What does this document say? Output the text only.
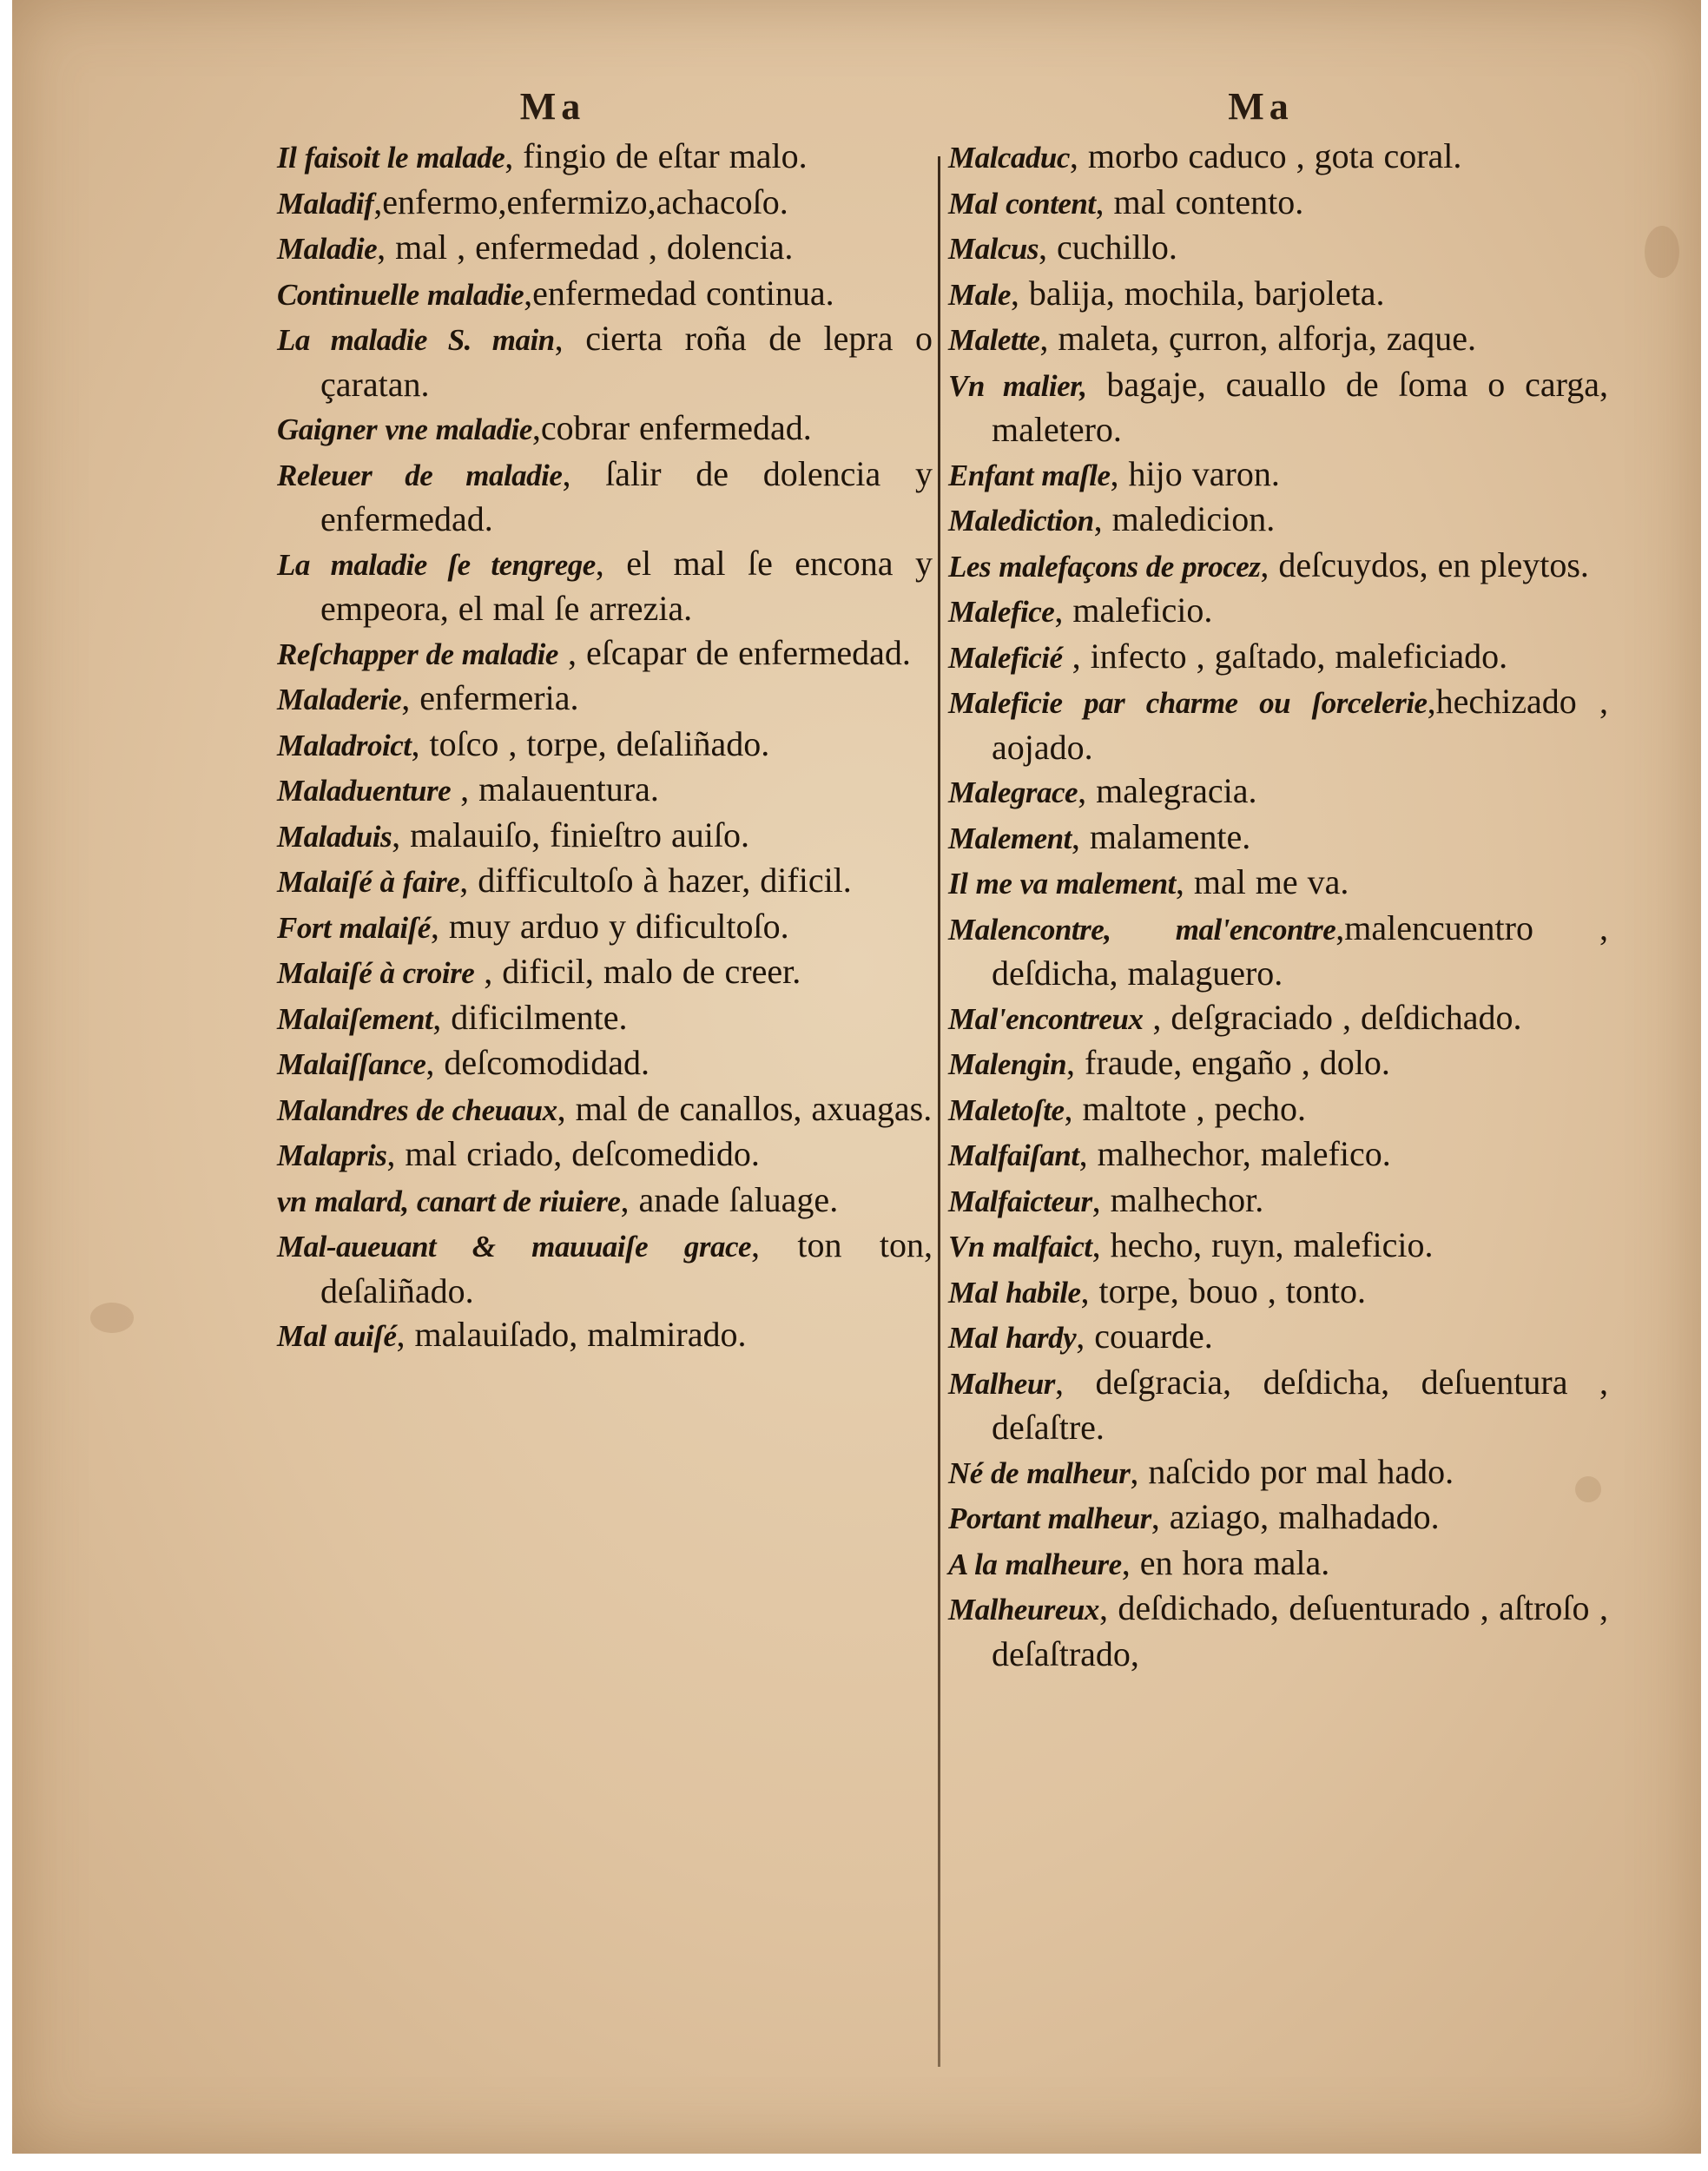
Ma
Il faisoit le malade, fingio de eſtar malo.
Maladif,enfermo,enfermizo,achacoſo.
Maladie, mal , enfermedad , dolencia.
Continuelle maladie,enfermedad continua.
La maladie S. main, cierta roña de lepra o çaratan.
Gaigner vne maladie,cobrar enfermedad.
Releuer de maladie, ſalir de dolencia y enfermedad.
La maladie ſe tengrege, el mal ſe encona y empeora, el mal ſe arrezia.
Reſchapper de maladie , eſcapar de enfermedad.
Maladerie, enfermeria.
Maladroict, toſco , torpe, deſaliñado.
Maladuenture , malauentura.
Maladuis, malauiſo, finieſtro auiſo.
Malaiſé à faire, difficultoſo à hazer, dificil.
Fort malaiſé, muy arduo y dificultoſo.
Malaiſé à croire , dificil, malo de creer.
Malaiſement, dificilmente.
Malaiſſance, deſcomodidad.
Malandres de cheuaux, mal de canallos, axuagas.
Malapris, mal criado, deſcomedido.
vn malard, canart de riuiere, anade ſaluage.
Mal-aueuant & mauuaiſe grace, ton ton, deſaliñado.
Mal auiſé, malauiſado, malmirado.
Ma
Malcaduc, morbo caduco , gota coral.
Mal content, mal contento.
Malcus, cuchillo.
Male, balija, mochila, barjoleta.
Malette, maleta, çurron, alforja, zaque.
Vn malier, bagaje, cauallo de ſoma o carga, maletero.
Enfant maſle, hijo varon.
Malediction, maledicion.
Les malefaçons de procez, deſcuydos, en pleytos.
Malefice, maleficio.
Maleficié , infecto , gaſtado, maleficiado.
Maleficie par charme ou ſorcelerie,hechizado , aojado.
Malegrace, malegracia.
Malement, malamente.
Il me va malement, mal me va.
Malencontre, mal'encontre,malencuentro , deſdicha, malaguero.
Mal'encontreux , deſgraciado , deſdichado.
Malengin, fraude, engaño , dolo.
Maletoſte, maltote , pecho.
Malfaiſant, malhechor, malefico.
Malfaicteur, malhechor.
Vn malfaict, hecho, ruyn, maleficio.
Mal habile, torpe, bouo , tonto.
Mal hardy, couarde.
Malheur, deſgracia, deſdicha, deſuentura , deſaſtre.
Né de malheur, naſcido por mal hado.
Portant malheur, aziago, malhadado.
A la malheure, en hora mala.
Malheureux, deſdichado, deſuenturado , aſtroſo , deſaſtrado,
